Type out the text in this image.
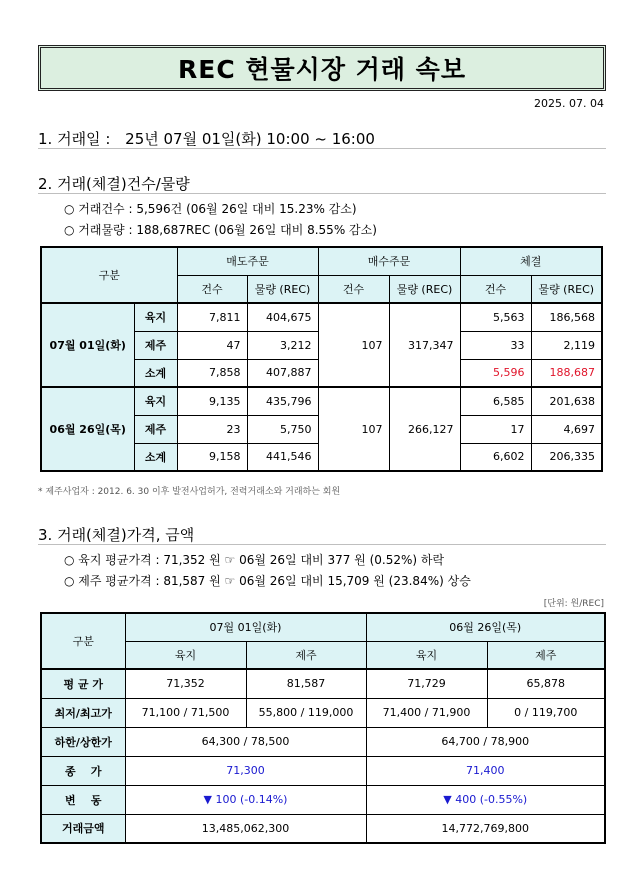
REC 현물시장 거래 속보
2025. 07. 04
1. 거래일 : 25년 07월 01일(화) 10:00 ~ 16:00
2. 거래(체결)건수/물량
○ 거래건수 : 5,596건 (06월 26일 대비 15.23% 감소)
○ 거래물량 : 188,687REC (06월 26일 대비 8.55% 감소)
구분		매도주문		매수주문		체결	
		건수	물량 (REC)	건수	물량 (REC)	건수	물량 (REC)
07월 01일(화)	육지	7,811	404,675	107	317,347	5,563	186,568
	제주	47	3,212			33	2,119
	소계	7,858	407,887			5,596	188,687
06월 26일(목)	육지	9,135	435,796	107	266,127	6,585	201,638
	제주	23	5,750			17	4,697
	소계	9,158	441,546			6,602	206,335
* 제주사업자 : 2012. 6. 30 이후 발전사업허가, 전력거래소와 거래하는 회원
3. 거래(체결)가격, 금액
○ 육지 평균가격 : 71,352 원 ☞ 06월 26일 대비 377 원 (0.52%) 하락
○ 제주 평균가격 : 81,587 원 ☞ 06월 26일 대비 15,709 원 (23.84%) 상승
[단위: 원/REC]
구분	07월 01일(화)		06월 26일(목)	
	육지	제주	육지	제주
평 균 가	71,352	81,587	71,729	65,878
최저/최고가	71,100 / 71,500	55,800 / 119,000	71,400 / 71,900	0 / 119,700
하한/상한가	64,300 / 78,500		64,700 / 78,900	
종    가	71,300		71,400	
변    동	▼ 100 (-0.14%)		▼ 400 (-0.55%)	
거래금액	13,485,062,300		14,772,769,800	
